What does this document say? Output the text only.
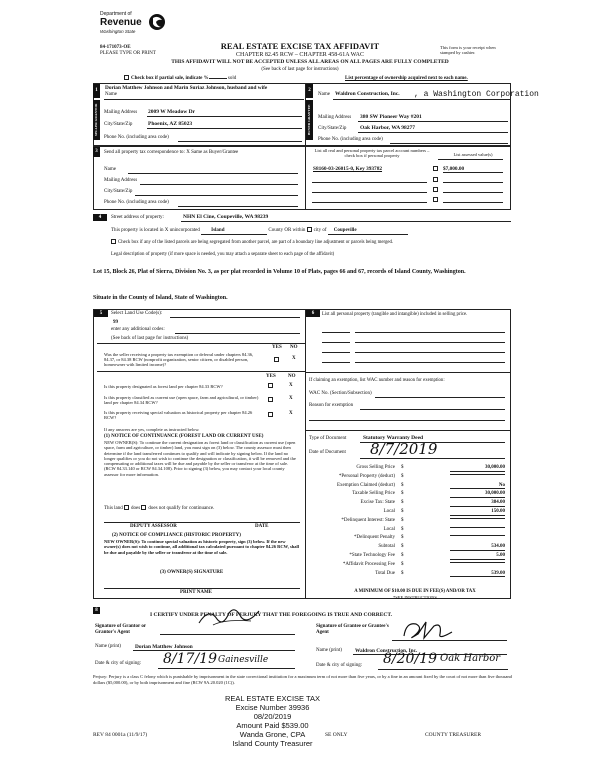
Department of
Revenue
Washington State
84-171073-OE
PLEASE TYPE OR PRINT
REAL ESTATE EXCISE TAX AFFIDAVIT
CHAPTER 82.45 RCW – CHAPTER 458-61A WAC
THIS AFFIDAVIT WILL NOT BE ACCEPTED UNLESS ALL AREAS ON ALL PAGES ARE FULLY COMPLETED
(See back of last page for instructions)
This form is your receipt when stamped by cashier.
Check box if partial sale, indicate %	sold	List percentage of ownership acquired next to each name.
1
SELLER GRANTOR
Dorian Matthew Johnson and Marin Suriaz Johnson, husband and wife
Name
Mailing Address 2009 W Meadow Dr
City/State/Zip	Phoenix, AZ 85023
Phone No. (including area code)
2
BUYER GRANTEE
Name Waldron Construction, Inc. , a Washington Corporation
Mailing Address 380 SW Pioneer Way #201
City/State/Zip Oak Harbor, WA 98277
Phone No. (including area code)
3	Send all property tax correspondence to: X Same as Buyer/Grantee
Name
Mailing Address
City/State/Zip
Phone No. (including area code)
List all real and personal property tax parcel account numbers – check box if personal property	List assessed value(s)
S8160-03-26015-0, Key 393782	$7,000.00
4	Street address of property:	NHN El Cine, Coupeville, WA 98239
This property is located in X unincorporated Island	County OR within city of Coupeville
Check box if any of the listed parcels are being segregated from another parcel, are part of a boundary line adjustment or parcels being merged.
Legal description of property (if more space is needed, you may attach a separate sheet to each page of the affidavit)
Lot 15, Block 26, Plat of Sierra, Division No. 3, as per plat recorded in Volume 10 of Plats, pages 66 and 67, records of Island County, Washington.
Situate in the County of Island, State of Washington.
5	Select Land Use Code(s):
99
enter any additional codes:
(See back of last page for instructions)
YES NO
Was the seller receiving a property tax exemption or deferral under chapters 84.36, 84.37, or 84.38 RCW (nonprofit organization, senior citizen, or disabled person, homeowner with limited income)?
X
YES NO
Is this property designated as forest land per chapter 84.33 RCW?	X
Is this property classified as current use (open space, farm and agricultural, or timber) land per chapter 84.34 RCW?
X
Is this property receiving special valuation as historical property per chapter 84.26 RCW?
X
If any answers are yes, complete as instructed below.
(1) NOTICE OF CONTINUANCE (FOREST LAND OR CURRENT USE)
NEW OWNER(S): To continue the current designation as forest land or classification as current use (open space, farm and agriculture, or timber) land, you must sign on (3) below. The county assessor must then determine if the land transferred continues to qualify and will indicate by signing below. If the land no longer qualifies or you do not wish to continue the designation or classification, it will be removed and the compensating or additional taxes will be due and payable by the seller or transferor at the time of sale. (RCW 84.33.140 or RCW 84.34.108). Prior to signing (3) below, you may contact your local county assessor for more information.
This land does does not qualify for continuance.
DEPUTY ASSESSOR	DATE
(2) NOTICE OF COMPLIANCE (HISTORIC PROPERTY)
NEW OWNER(S): To continue special valuation as historic property, sign (3) below. If the new owner(s) does not wish to continue, all additional tax calculated pursuant to chapter 84.26 RCW, shall be due and payable by the seller or transferor at the time of sale.
(3) OWNER(S) SIGNATURE
PRINT NAME
6	List all personal property (tangible and intangible) included in selling price.
If claiming an exemption, list WAC number and reason for exemption:
WAC No. (Section/Subsection)
Reason for exemption
Type of Document	Statutory Warranty Deed
Date of Document 8/7/2019
Gross Selling Price $	30,000.00
*Personal Property (deduct) $
Exemption Claimed (deduct) $	No
Taxable Selling Price $	30,000.00
Excise Tax: State $	384.00
Local $	150.00
*Delinquent Interest: State $
Local $
*Delinquent Penalty $
Subtotal $	534.00
*State Technology Fee $	5.00
*Affidavit Processing Fee $
Total Due $	539.00
A MINIMUM OF $10.00 IS DUE IN FEE(S) AND/OR TAX
*SEE INSTRUCTIONS
8
I CERTIFY UNDER PENALTY OF PERJURY THAT THE FOREGOING IS TRUE AND CORRECT.
Signature of Grantor or Grantor's Agent
Signature of Grantee or Grantee's Agent
Name (print)	Dorian Matthew Johnson
Name (print) Waldron Construction, Inc.
Date & city of signing: 8/17/19 Gainesville
Date & city of signing: 8/20/19 Oak Harbor
Perjury: Perjury is a class C felony which is punishable by imprisonment in the state correctional institution for a maximum term of not more than five years, or by a fine in an amount fixed by the court of not more than five thousand dollars ($5,000.00), or by both imprisonment and fine (RCW 9A.20.020 (1C)).
REAL ESTATE EXCISE TAX
Excise Number 39936
08/20/2019
Amount Paid $539.00
Wanda Grone, CPA
Island County Treasurer
REV 84 0001a (11/9/17)	SE ONLY	COUNTY TREASURER
